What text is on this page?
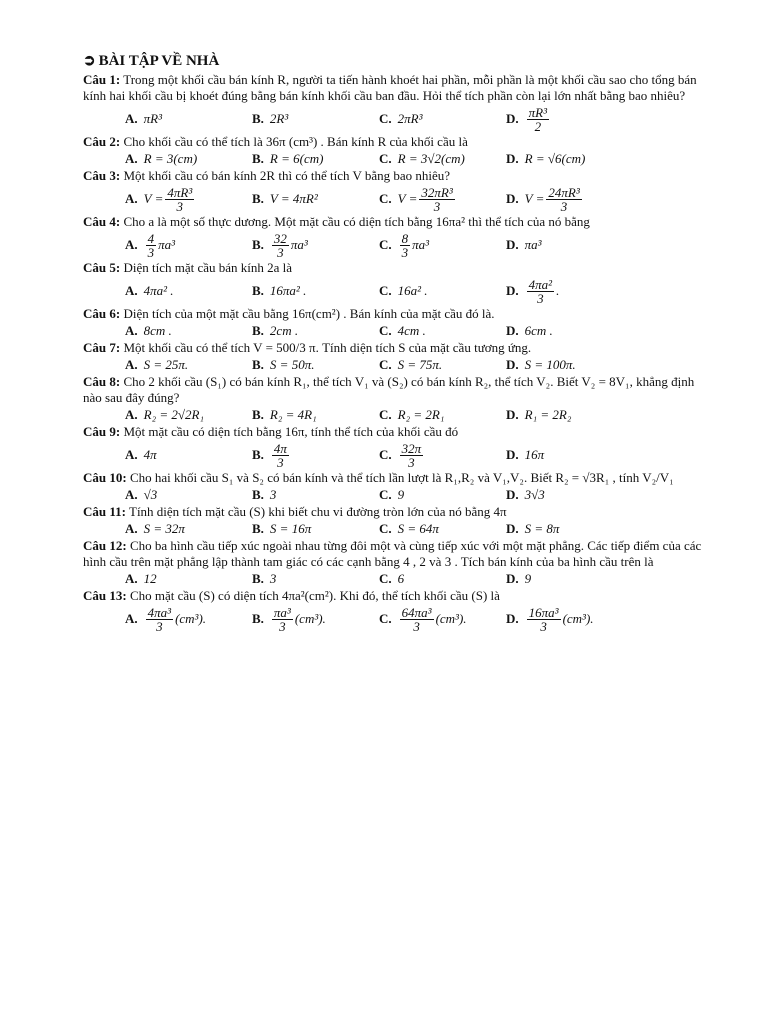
➲ BÀI TẬP VỀ NHÀ
Câu 1: Trong một khối cầu bán kính R, người ta tiến hành khoét hai phần, mỗi phần là một khối cầu sao cho tổng bán kính hai khối cầu bị khoét đúng bằng bán kính khối cầu ban đầu. Hỏi thể tích phần còn lại lớn nhất bằng bao nhiêu?
A. πR³	B. 2R³	C. 2πR³	D. $\frac{\text{πR³}}{2}$
Câu 2: Cho khối cầu có thể tích là 36π (cm³) . Bán kính R của khối cầu là
A. R = 3(cm)	B. R = 6(cm)	C. R = 3√2(cm)	D. R = √6(cm)
Câu 3: Một khối cầu có bán kính 2R thì có thể tích V bằng bao nhiêu?
A. $V = \frac{\text{4πR³}}{3}$	B. V = 4πR²	C. $V = \frac{\text{32πR³}}{3}$	D. $V = \frac{\text{24πR³}}{3}$
Câu 4: Cho a là một số thực dương. Một mặt cầu có diện tích bằng 16πa² thì thể tích của nó bằng
A. $\frac{4}{3} \pi a^3$	B. $\frac{32}{3} \pi a^3$	C. $\frac{8}{3} \pi a^3$	D. πa³
Câu 5: Diện tích mặt cầu bán kính 2a là
A. 4πa² .	B. 16πa² .	C. 16a² .	D. $\frac{\text{4πa²}}{3}$ .
Câu 6: Diện tích của một mặt cầu bằng 16π(cm²) . Bán kính của mặt cầu đó là.
A. 8cm .	B. 2cm .	C. 4cm .	D. 6cm .
Câu 7: Một khối cầu có thể tích V = 500/3 π. Tính diện tích S của mặt cầu tương ứng.
A. S = 25π.	B. S = 50π.	C. S = 75π.	D. S = 100π.
Câu 8: Cho 2 khối cầu (S₁) có bán kính R₁, thể tích V₁ và (S₂) có bán kính R₂, thể tích V₂. Biết V₂ = 8V₁, khẳng định nào sau đây đúng?
A. R₂ = 2√2R₁	B. R₂ = 4R₁	C. R₂ = 2R₁	D. R₁ = 2R₂
Câu 9: Một mặt cầu có diện tích bằng 16π, tính thể tích của khối cầu đó
A. 4π	B. $\frac{4\pi}{3}$	C. $\frac{32\pi}{3}$	D. 16π
Câu 10: Cho hai khối cầu S₁ và S₂ có bán kính và thể tích lần lượt là R₁,R₂ và V₁,V₂. Biết R₂ = √3R₁ , tính V₂/V₁
A. √3	B. 3	C. 9	D. 3√3
Câu 11: Tính diện tích mặt cầu (S) khi biết chu vi đường tròn lớn của nó bằng 4π
A. S = 32π	B. S = 16π	C. S = 64π	D. S = 8π
Câu 12: Cho ba hình cầu tiếp xúc ngoài nhau từng đôi một và cùng tiếp xúc với một mặt phẳng. Các tiếp điểm của các hình cầu trên mặt phẳng lập thành tam giác có các cạnh bằng 4 , 2 và 3 . Tích bán kính của ba hình cầu trên là
A. 12	B. 3	C. 6	D. 9
Câu 13: Cho mặt cầu (S) có diện tích 4πa²(cm²). Khi đó, thể tích khối cầu (S) là
A. $\frac{\text{4πa³}}{3} (cm^3)$.	B. $\frac{\text{πa³}}{3} (cm^3)$.	C. $\frac{\text{64πa³}}{3} (cm^3)$.	D. $\frac{\text{16πa³}}{3} (cm^3)$.
